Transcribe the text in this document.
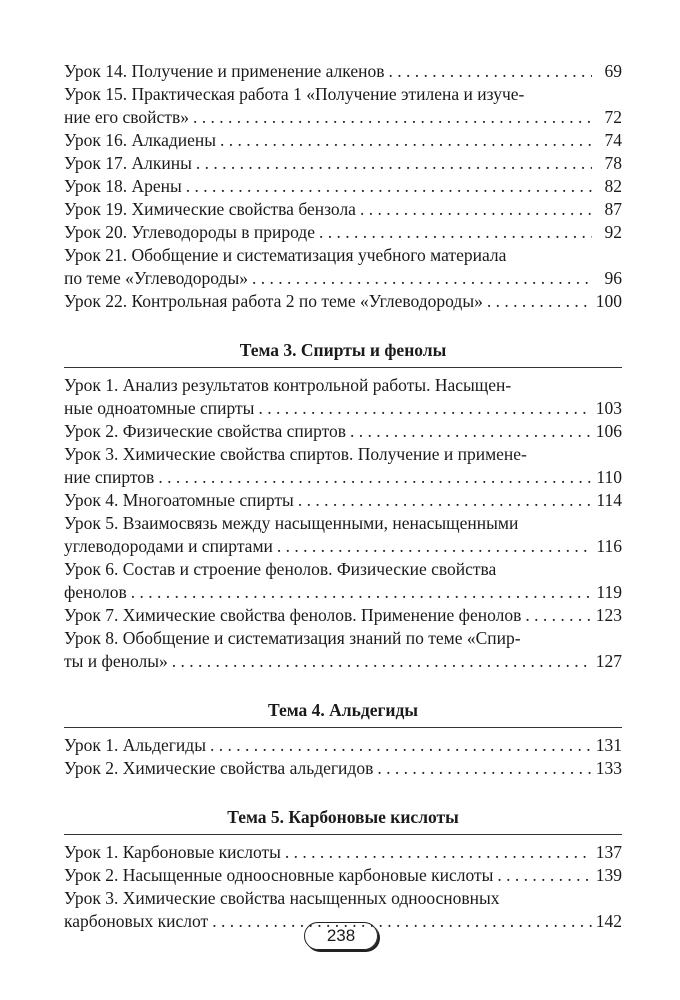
Урок 14. Получение и применение алкенов . . .	69
Урок 15. Практическая работа 1 «Получение этилена и изуче-
ние его свойств» . . .	72
Урок 16. Алкадиены . . .	74
Урок 17. Алкины . . .	78
Урок 18. Арены . . .	82
Урок 19. Химические свойства бензола . . .	87
Урок 20. Углеводороды в природе . . .	92
Урок 21. Обобщение и систематизация учебного материала
по теме «Углеводороды» . . .	96
Урок 22. Контрольная работа 2 по теме «Углеводороды» . . .	100
Тема 3. Спирты и фенолы
Урок 1. Анализ результатов контрольной работы. Насыщен-
ные одноатомные спирты . . .	103
Урок 2. Физические свойства спиртов . . .	106
Урок 3. Химические свойства спиртов. Получение и примене-
ние спиртов . . .	110
Урок 4. Многоатомные спирты . . .	114
Урок 5. Взаимосвязь между насыщенными, ненасыщенными
углеводородами и спиртами . . .	116
Урок 6. Состав и строение фенолов. Физические свойства
фенолов . . .	119
Урок 7. Химические свойства фенолов. Применение фенолов . . .	123
Урок 8. Обобщение и систематизация знаний по теме «Спир-
ты и фенолы» . . .	127
Тема 4. Альдегиды
Урок 1. Альдегиды . . .	131
Урок 2. Химические свойства альдегидов . . .	133
Тема 5. Карбоновые кислоты
Урок 1. Карбоновые кислоты . . .	137
Урок 2. Насыщенные одноосновные карбоновые кислоты . . .	139
Урок 3. Химические свойства насыщенных одноосновных
карбоновых кислот . . .	142
238
